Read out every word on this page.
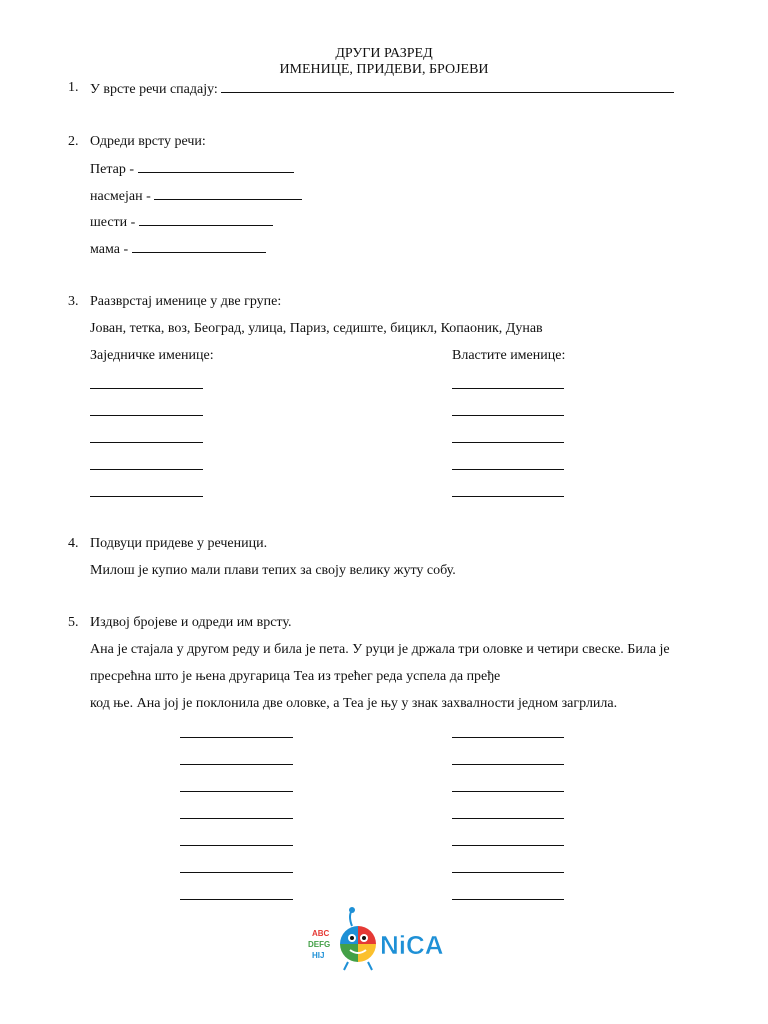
ДРУГИ РАЗРЕД
ИМЕНИЦЕ, ПРИДЕВИ, БРОЈЕВИ
1. У врсте речи спадају:
2. Одреди врсту речи:
Петар -
насмејан -
шести -
мама -
3. Раазврстај именице у две групе:
Јован, тетка, воз, Београд, улица, Париз, седиште, бицикл, Копаоник, Дунав
Заједничке именице:	Властите именице:
4. Подвуци придеве у реченици.
Милош је купио мали плави тепих за своју велику жуту собу.
5. Издвој бројеве и одреди им врсту.
Ана је стајала у другом реду и била је пета. У руци је држала три оловке и четири свеске. Била је
пресрећна што је њена другарица Теа из трећег реда успела да пређе
код ње. Ана јој је поклонила две оловке, а Теа је њу у знак захвалности једном загрлила.
ABC
DEFG
HIJ NiCA
